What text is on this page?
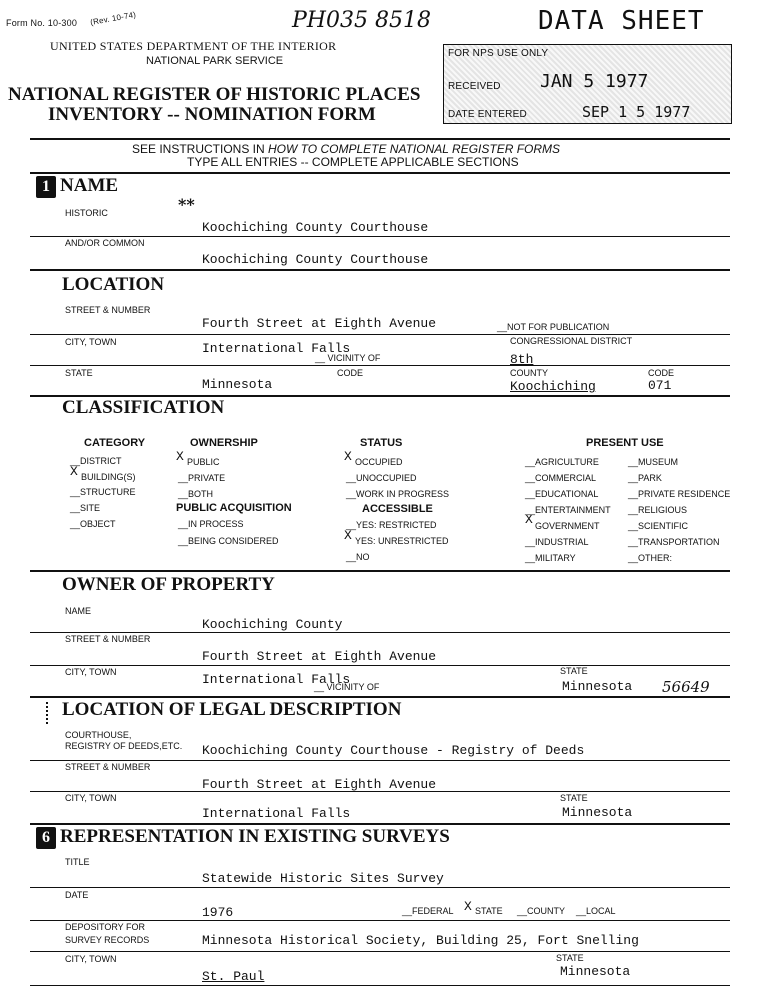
Form No. 10-300 (Rev. 10-74)	PH035 8518	DATA SHEET
UNITED STATES DEPARTMENT OF THE INTERIOR
NATIONAL PARK SERVICE
NATIONAL REGISTER OF HISTORIC PLACES
INVENTORY -- NOMINATION FORM
FOR NPS USE ONLY
RECEIVED JAN 5 1977
DATE ENTERED	SEP 1 5 1977
SEE INSTRUCTIONS IN HOW TO COMPLETE NATIONAL REGISTER FORMS
TYPE ALL ENTRIES -- COMPLETE APPLICABLE SECTIONS
1 NAME
HISTORIC	**
Koochiching County Courthouse
AND/OR COMMON
Koochiching County Courthouse
LOCATION
STREET & NUMBER
Fourth Street at Eighth Avenue	__NOT FOR PUBLICATION
CITY, TOWN	International Falls
__ VICINITY OF
CONGRESSIONAL DISTRICT
8th
STATE
Minnesota
CODE	COUNTY
Koochiching
CODE
071
CLASSIFICATION
CATEGORY	OWNERSHIP	STATUS	PRESENT USE
__DISTRICT
X BUILDING(S)
__STRUCTURE
__SITE
__OBJECT
X PUBLIC
__PRIVATE
__BOTH
PUBLIC ACQUISITION
__IN PROCESS
__BEING CONSIDERED
X OCCUPIED
__UNOCCUPIED
__WORK IN PROGRESS
ACCESSIBLE
__YES: RESTRICTED
X YES: UNRESTRICTED
__NO
__AGRICULTURE
__COMMERCIAL
__EDUCATIONAL
__ENTERTAINMENT
X GOVERNMENT
__INDUSTRIAL
__MILITARY
__MUSEUM
__PARK
__PRIVATE RESIDENCE
__RELIGIOUS
__SCIENTIFIC
__TRANSPORTATION
__OTHER:
OWNER OF PROPERTY
NAME
Koochiching County
STREET & NUMBER
Fourth Street at Eighth Avenue
CITY, TOWN	International Falls
__ VICINITY OF
STATE
Minnesota 56649
LOCATION OF LEGAL DESCRIPTION
COURTHOUSE,
REGISTRY OF DEEDS,ETC. Koochiching County Courthouse - Registry of Deeds
STREET & NUMBER
Fourth Street at Eighth Avenue
CITY, TOWN
International Falls
STATE
Minnesota
6 REPRESENTATION IN EXISTING SURVEYS
TITLE
Statewide Historic Sites Survey
DATE
1976	__FEDERAL X STATE __COUNTY __LOCAL
DEPOSITORY FOR
SURVEY RECORDS	Minnesota Historical Society, Building 25, Fort Snelling
CITY, TOWN
St. Paul
STATE
Minnesota
